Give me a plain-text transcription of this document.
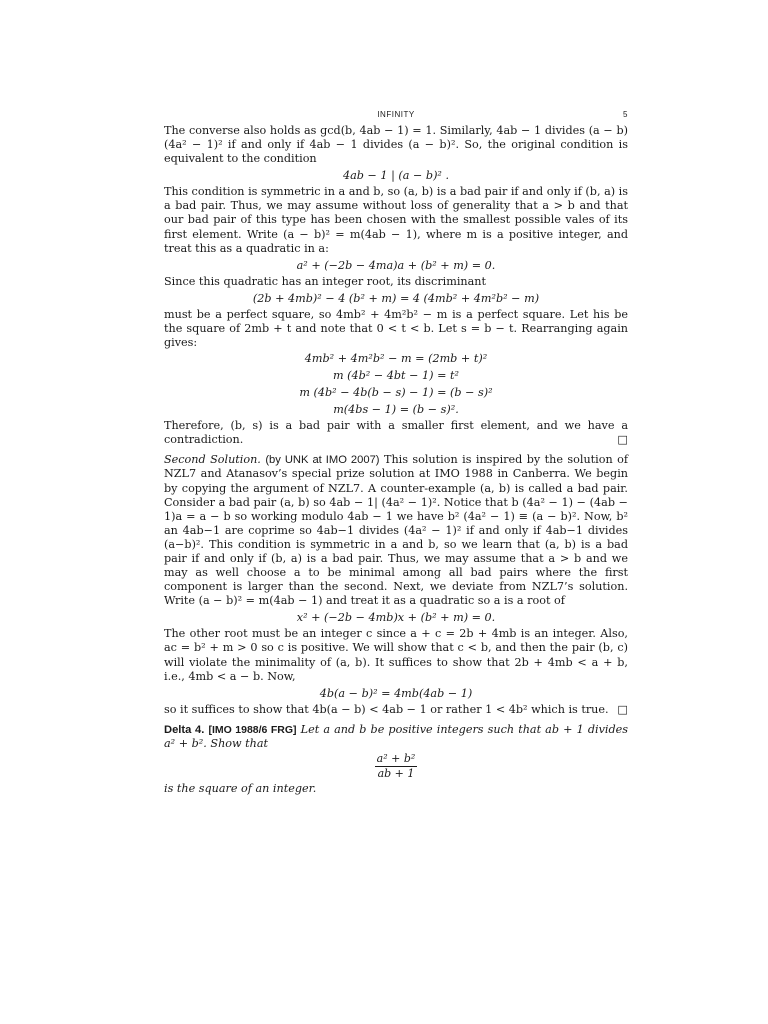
INFINITY	5

The converse also holds as gcd(b, 4ab − 1) = 1. Similarly, 4ab − 1 divides (a − b)(4a² − 1)² if and only if 4ab − 1 divides (a − b)². So, the original condition is equivalent to the condition

4ab − 1 | (a − b)² .

This condition is symmetric in a and b, so (a, b) is a bad pair if and only if (b, a) is a bad pair. Thus, we may assume without loss of generality that a > b and that our bad pair of this type has been chosen with the smallest possible vales of its first element. Write (a − b)² = m(4ab − 1), where m is a positive integer, and treat this as a quadratic in a:

a² + (−2b − 4ma)a + (b² + m) = 0.

Since this quadratic has an integer root, its discriminant

(2b + 4mb)² − 4 (b² + m) = 4 (4mb² + 4m²b² − m)

must be a perfect square, so 4mb² + 4m²b² − m is a perfect square. Let his be the square of 2mb + t and note that 0 < t < b. Let s = b − t. Rearranging again gives:

4mb² + 4m²b² − m = (2mb + t)²
m (4b² − 4bt − 1) = t²
m (4b² − 4b(b − s) − 1) = (b − s)²
m(4bs − 1) = (b − s)².

Therefore, (b, s) is a bad pair with a smaller first element, and we have a contradiction.	□

Second Solution. (by UNK at IMO 2007) This solution is inspired by the solution of NZL7 and Atanasov’s special prize solution at IMO 1988 in Canberra. We begin by copying the argument of NZL7. A counter-example (a, b) is called a bad pair. Consider a bad pair (a, b) so 4ab − 1| (4a² − 1)². Notice that b (4a² − 1) − (4ab − 1)a = a − b so working modulo 4ab − 1 we have b² (4a² − 1) ≡ (a − b)². Now, b² an 4ab−1 are coprime so 4ab−1 divides (4a² − 1)² if and only if 4ab−1 divides (a−b)². This condition is symmetric in a and b, so we learn that (a, b) is a bad pair if and only if (b, a) is a bad pair. Thus, we may assume that a > b and we may as well choose a to be minimal among all bad pairs where the first component is larger than the second. Next, we deviate from NZL7’s solution. Write (a − b)² = m(4ab − 1) and treat it as a quadratic so a is a root of

x² + (−2b − 4mb)x + (b² + m) = 0.

The other root must be an integer c since a + c = 2b + 4mb is an integer. Also, ac = b² + m > 0 so c is positive. We will show that c < b, and then the pair (b, c) will violate the minimality of (a, b). It suffices to show that 2b + 4mb < a + b, i.e., 4mb < a − b. Now,

4b(a − b)² = 4mb(4ab − 1)

so it suffices to show that 4b(a − b) < 4ab − 1 or rather 1 < 4b² which is true. □

Delta 4. [IMO 1988/6 FRG] Let a and b be positive integers such that ab + 1 divides a² + b². Show that

$\frac{\text{a² + b²}}{ab + 1}$

is the square of an integer.
